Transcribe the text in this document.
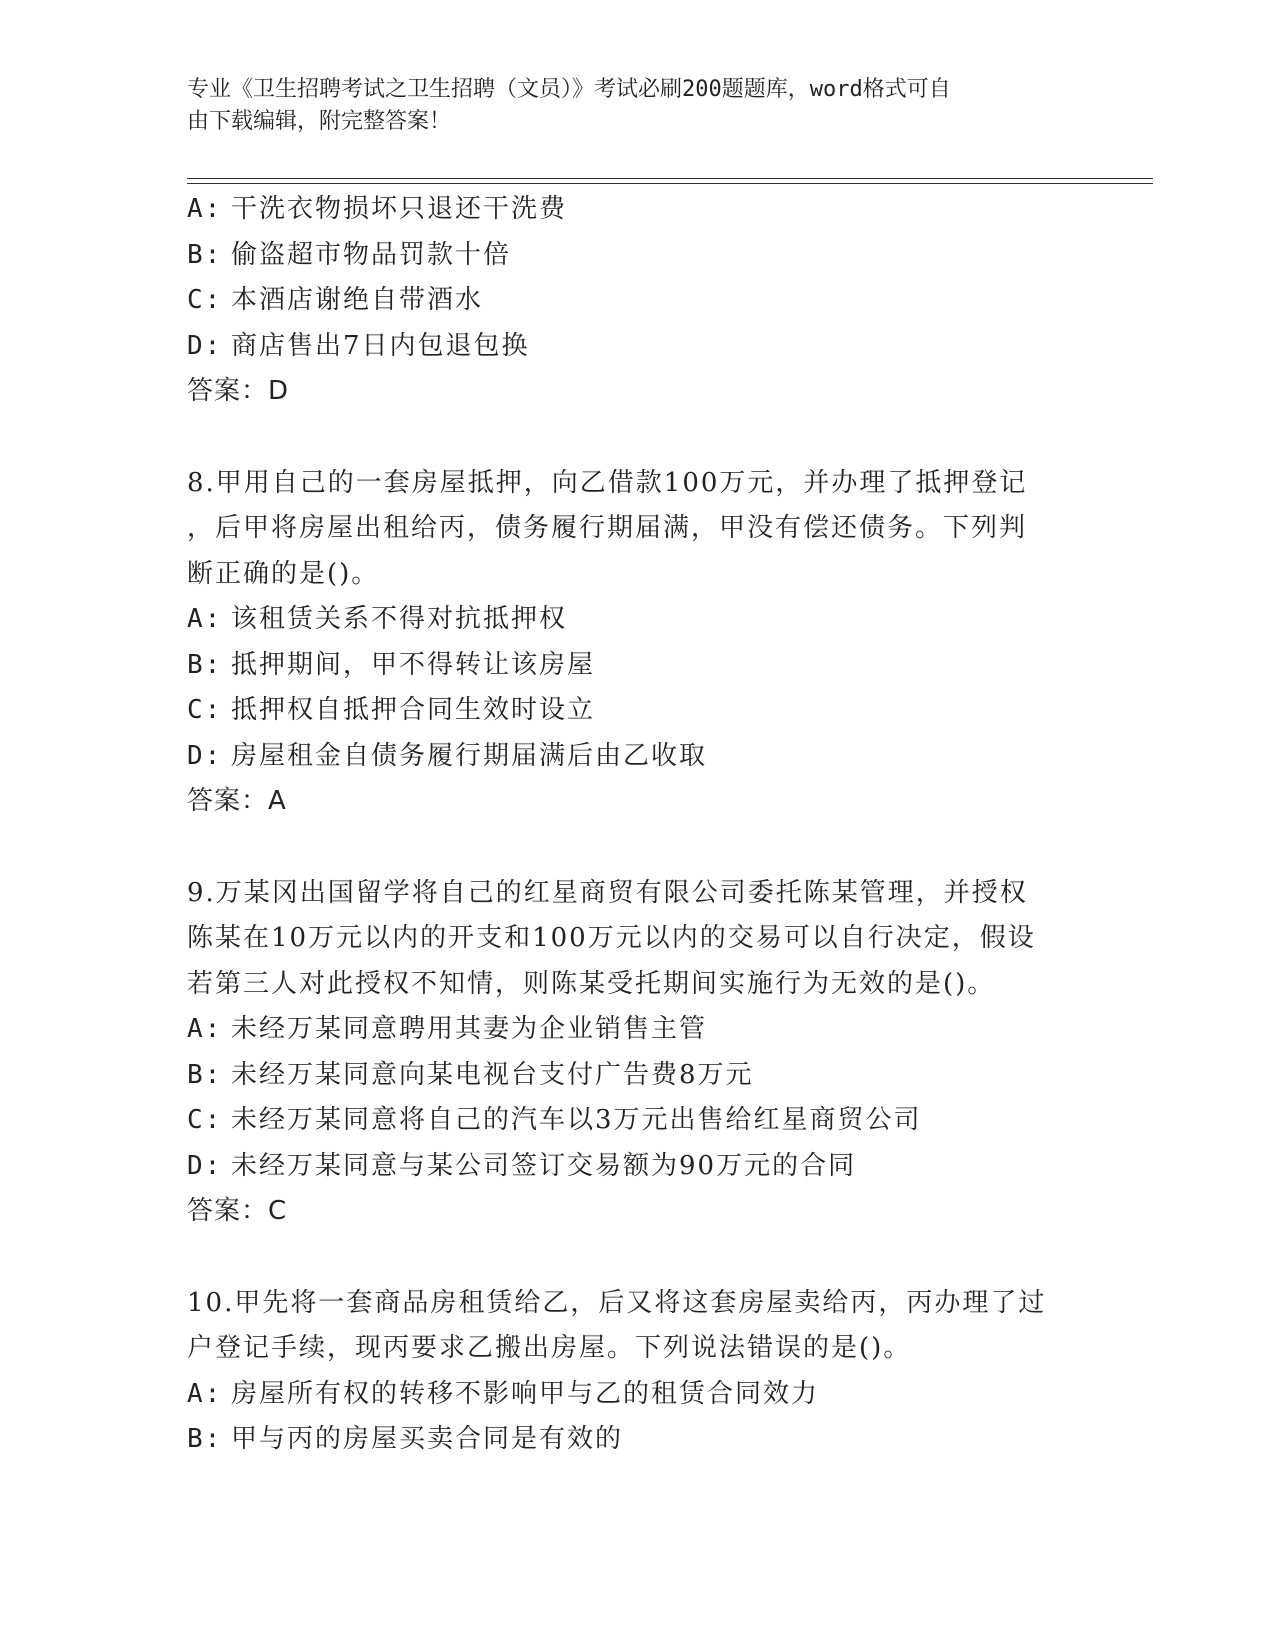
专业《卫生招聘考试之卫生招聘（文员）》考试必刷200题题库，word格式可自
由下载编辑，附完整答案！
A: 干洗衣物损坏只退还干洗费
B: 偷盗超市物品罚款十倍
C: 本酒店谢绝自带酒水
D: 商店售出7日内包退包换
答案：D
8.甲用自己的一套房屋抵押，向乙借款100万元，并办理了抵押登记
，后甲将房屋出租给丙，债务履行期届满，甲没有偿还债务。下列判
断正确的是()。
A: 该租赁关系不得对抗抵押权
B: 抵押期间，甲不得转让该房屋
C: 抵押权自抵押合同生效时设立
D: 房屋租金自债务履行期届满后由乙收取
答案：A
9.万某冈出国留学将自己的红星商贸有限公司委托陈某管理，并授权
陈某在10万元以内的开支和100万元以内的交易可以自行决定，假设
若第三人对此授权不知情，则陈某受托期间实施行为无效的是()。
A: 未经万某同意聘用其妻为企业销售主管
B: 未经万某同意向某电视台支付广告费8万元
C: 未经万某同意将自己的汽车以3万元出售给红星商贸公司
D: 未经万某同意与某公司签订交易额为90万元的合同
答案：C
10.甲先将一套商品房租赁给乙，后又将这套房屋卖给丙，丙办理了过
户登记手续，现丙要求乙搬出房屋。下列说法错误的是()。
A: 房屋所有权的转移不影响甲与乙的租赁合同效力
B: 甲与丙的房屋买卖合同是有效的
